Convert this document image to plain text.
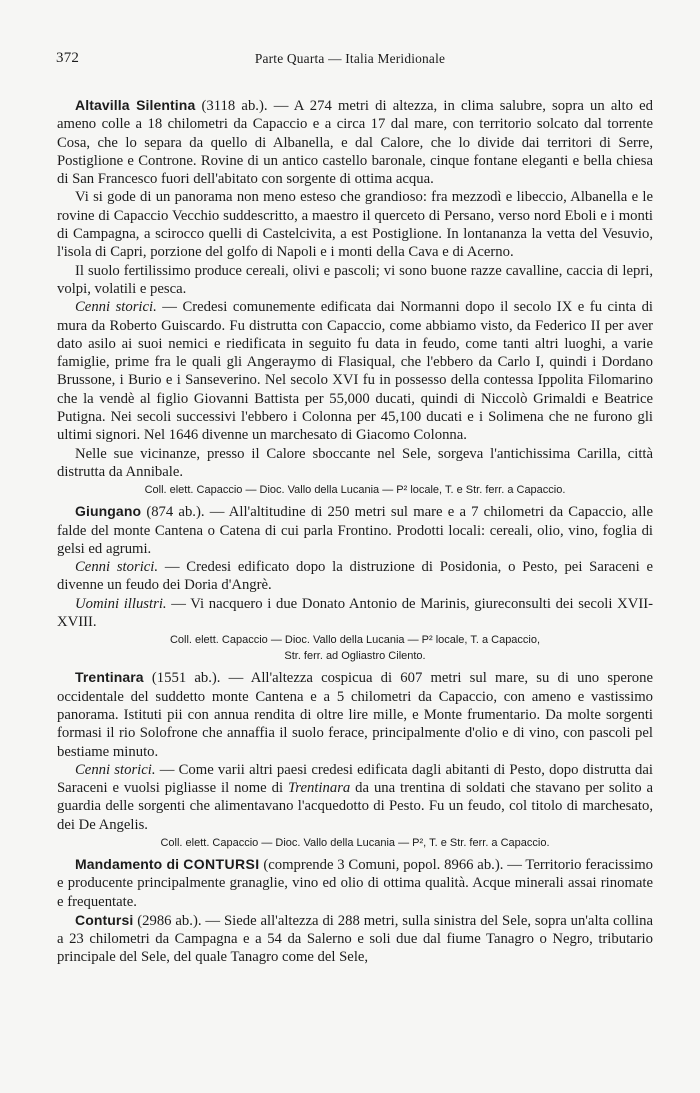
372	Parte Quarta — Italia Meridionale

Altavilla Silentina (3118 ab.). — A 274 metri di altezza, in clima salubre, sopra un alto ed ameno colle a 18 chilometri da Capaccio e a circa 17 dal mare, con territorio solcato dal torrente Cosa, che lo separa da quello di Albanella, e dal Calore, che lo divide dai territori di Serre, Postiglione e Controne. Rovine di un antico castello baronale, cinque fontane eleganti e bella chiesa di San Francesco fuori dell'abitato con sorgente di ottima acqua.

Vi si gode di un panorama non meno esteso che grandioso: fra mezzodì e libeccio, Albanella e le rovine di Capaccio Vecchio suddescritto, a maestro il querceto di Persano, verso nord Eboli e i monti di Campagna, a scirocco quelli di Castelcivita, a est Postiglione. In lontananza la vetta del Vesuvio, l'isola di Capri, porzione del golfo di Napoli e i monti della Cava e di Acerno.

Il suolo fertilissimo produce cereali, olivi e pascoli; vi sono buone razze cavalline, caccia di lepri, volpi, volatili e pesca.

Cenni storici. — Credesi comunemente edificata dai Normanni dopo il secolo IX e fu cinta di mura da Roberto Guiscardo. Fu distrutta con Capaccio, come abbiamo visto, da Federico II per aver dato asilo ai suoi nemici e riedificata in seguito fu data in feudo, come tanti altri luoghi, a varie famiglie, prime fra le quali gli Angeraymo di Flasiqual, che l'ebbero da Carlo I, quindi i Dordano Brussone, i Burio e i Sanseverino. Nel secolo XVI fu in possesso della contessa Ippolita Filomarino che la vendè al figlio Giovanni Battista per 55,000 ducati, quindi di Niccolò Grimaldi e Beatrice Putigna. Nei secoli successivi l'ebbero i Colonna per 45,100 ducati e i Solimena che ne furono gli ultimi signori. Nel 1646 divenne un marchesato di Giacomo Colonna.

Nelle sue vicinanze, presso il Calore sboccante nel Sele, sorgeva l'antichissima Carilla, città distrutta da Annibale.

Coll. elett. Capaccio — Dioc. Vallo della Lucania — P² locale, T. e Str. ferr. a Capaccio.

Giungano (874 ab.). — All'altitudine di 250 metri sul mare e a 7 chilometri da Capaccio, alle falde del monte Cantena o Catena di cui parla Frontino. Prodotti locali: cereali, olio, vino, foglia di gelsi ed agrumi.

Cenni storici. — Credesi edificato dopo la distruzione di Posidonia, o Pesto, pei Saraceni e divenne un feudo dei Doria d'Angrè.

Uomini illustri. — Vi nacquero i due Donato Antonio de Marinis, giureconsulti dei secoli XVII-XVIII.

Coll. elett. Capaccio — Dioc. Vallo della Lucania — P² locale, T. a Capaccio,
Str. ferr. ad Ogliastro Cilento.

Trentinara (1551 ab.). — All'altezza cospicua di 607 metri sul mare, su di uno sperone occidentale del suddetto monte Cantena e a 5 chilometri da Capaccio, con ameno e vastissimo panorama. Istituti pii con annua rendita di oltre lire mille, e Monte frumentario. Da molte sorgenti formasi il rio Solofrone che annaffia il suolo ferace, principalmente d'olio e di vino, con pascoli pel bestiame minuto.

Cenni storici. — Come varii altri paesi credesi edificata dagli abitanti di Pesto, dopo distrutta dai Saraceni e vuolsi pigliasse il nome di Trentinara da una trentina di soldati che stavano per solito a guardia delle sorgenti che alimentavano l'acquedotto di Pesto. Fu un feudo, col titolo di marchesato, dei De Angelis.

Coll. elett. Capaccio — Dioc. Vallo della Lucania — P², T. e Str. ferr. a Capaccio.

Mandamento di CONTURSI (comprende 3 Comuni, popol. 8966 ab.). — Territorio feracissimo e producente principalmente granaglie, vino ed olio di ottima qualità. Acque minerali assai rinomate e frequentate.

Contursi (2986 ab.). — Siede all'altezza di 288 metri, sulla sinistra del Sele, sopra un'alta collina a 23 chilometri da Campagna e a 54 da Salerno e soli due dal fiume Tanagro o Negro, tributario principale del Sele, del quale Tanagro come del Sele,
